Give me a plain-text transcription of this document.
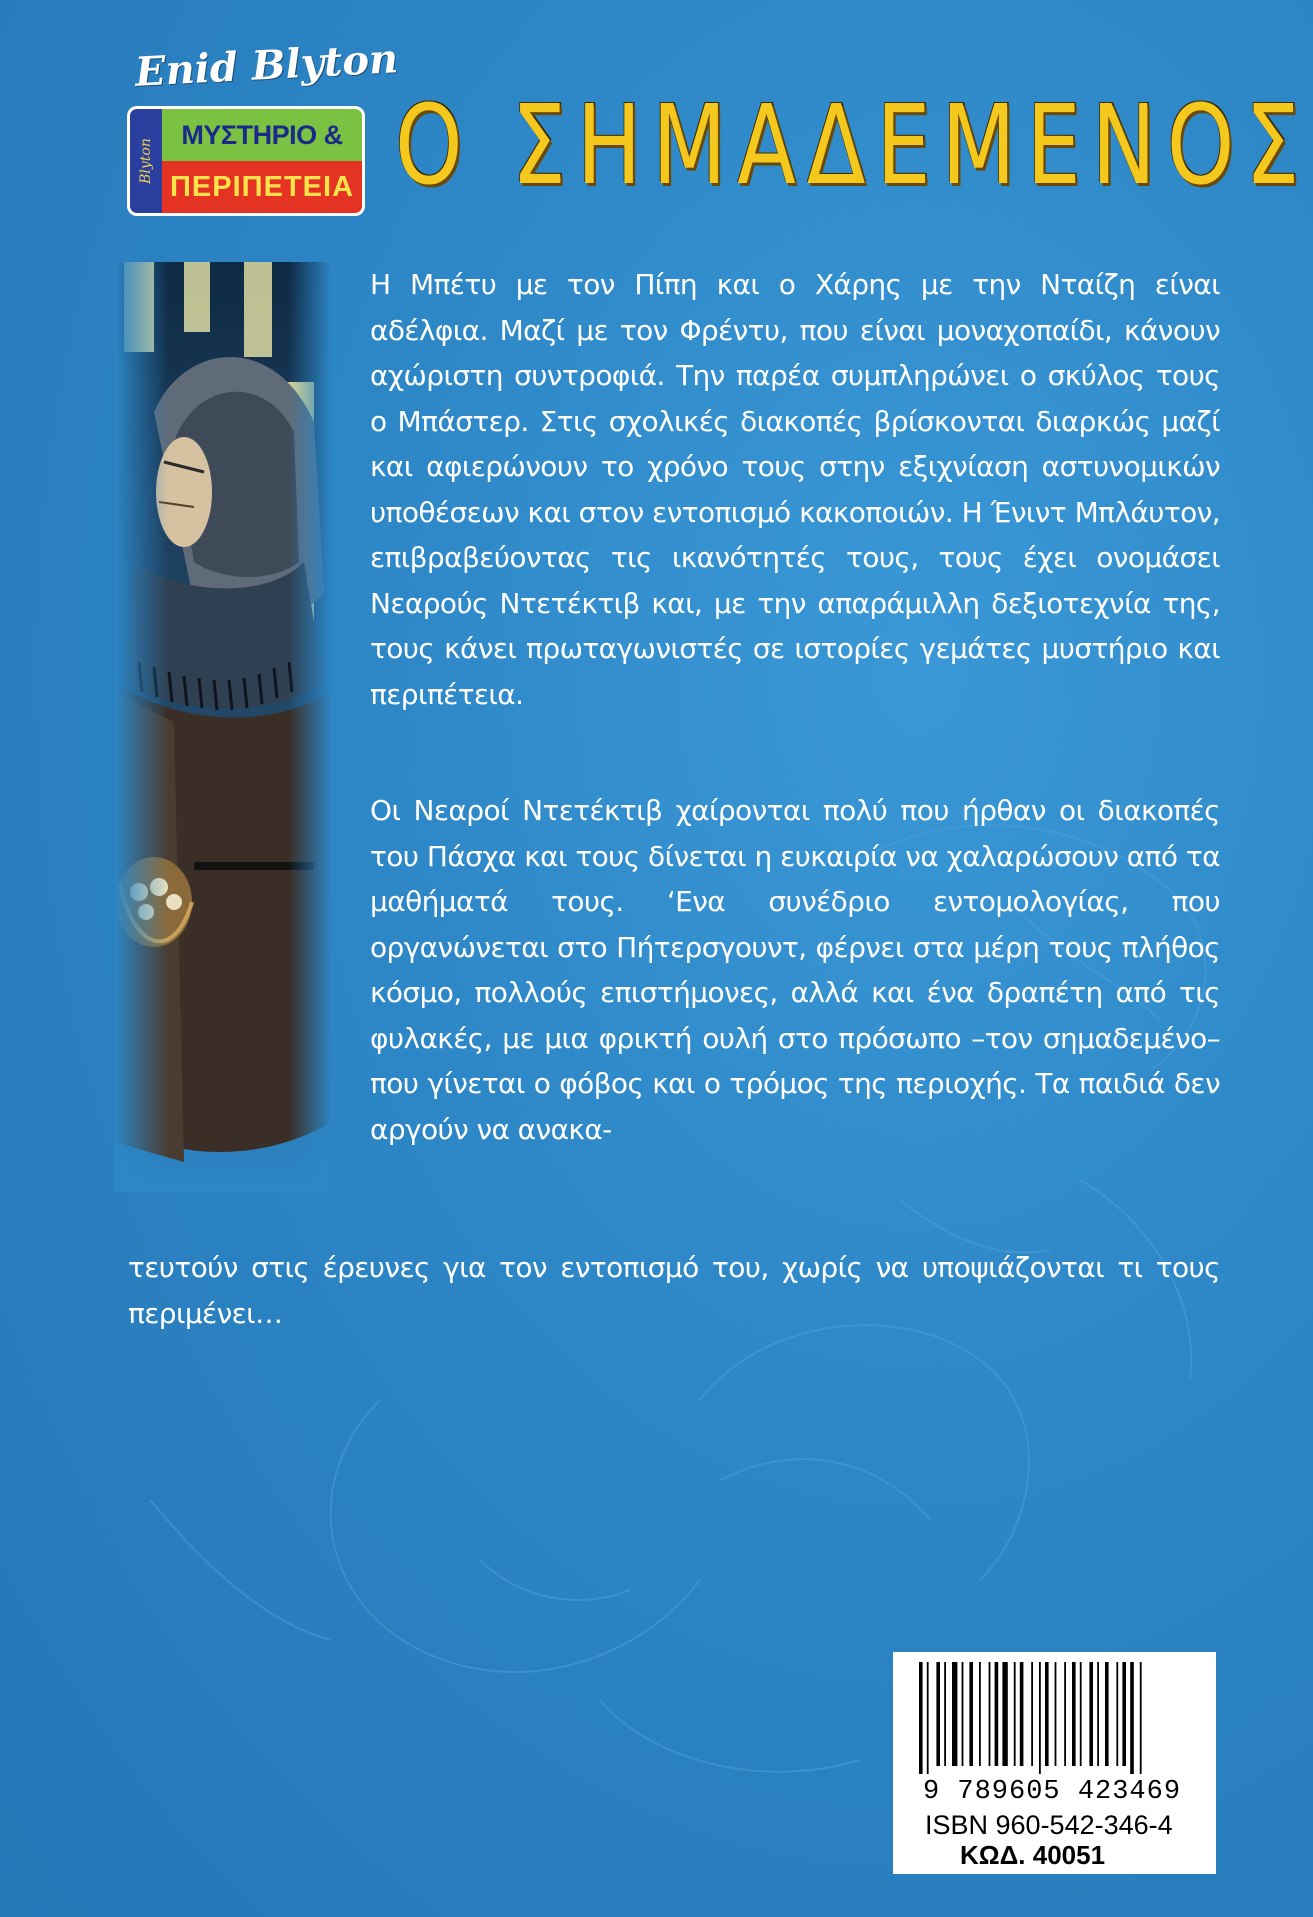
Enid Blyton
Blyton
ΜΥΣΤΗΡΙΟ &
ΠΕΡΙΠΕΤΕΙΑ Ο ΣΗΜΑΔΕΜΕΝΟΣ
Η Μπέτυ με τον Πίπη και ο Χάρης με την Νταίζη είναι αδέλφια. Μαζί με τον Φρέντυ, που είναι μοναχοπαίδι, κάνουν αχώριστη συντροφιά. Την παρέα συμπληρώνει ο σκύλος τους ο Μπάστερ. Στις σχολικές διακοπές βρίσκονται διαρκώς μαζί και αφιερώνουν το χρόνο τους στην εξιχνίαση αστυνομικών υποθέσεων και στον εντοπισμό κακοποιών. Η Ένιντ Μπλάυτον, επιβραβεύοντας τις ικανότητές τους, τους έχει ονομάσει Νεαρούς Ντετέκτιβ και, με την απαράμιλλη δεξιοτεχνία της, τους κάνει πρωταγωνιστές σε ιστορίες γεμάτες μυστήριο και περιπέτεια.
Οι Νεαροί Ντετέκτιβ χαίρονται πολύ που ήρθαν οι διακοπές του Πάσχα και τους δίνεται η ευκαιρία να χαλαρώσουν από τα μαθήματά τους. ‘Ενα συνέδριο εντομολογίας, που οργανώνεται στο Πήτερσγουντ, φέρνει στα μέρη τους πλήθος κόσμο, πολλούς επιστήμονες, αλλά και ένα δραπέτη από τις φυλακές, με μια φρικτή ουλή στο πρόσωπο –τον σημαδεμένο– που γίνεται ο φόβος και ο τρόμος της περιοχής. Τα παιδιά δεν αργούν να ανακα-
τευτούν στις έρευνες για τον εντοπισμό του, χωρίς να υποψιάζονται τι τους περιμένει…
9 789605 423469
ISBN 960-542-346-4
ΚΩΔ. 40051
